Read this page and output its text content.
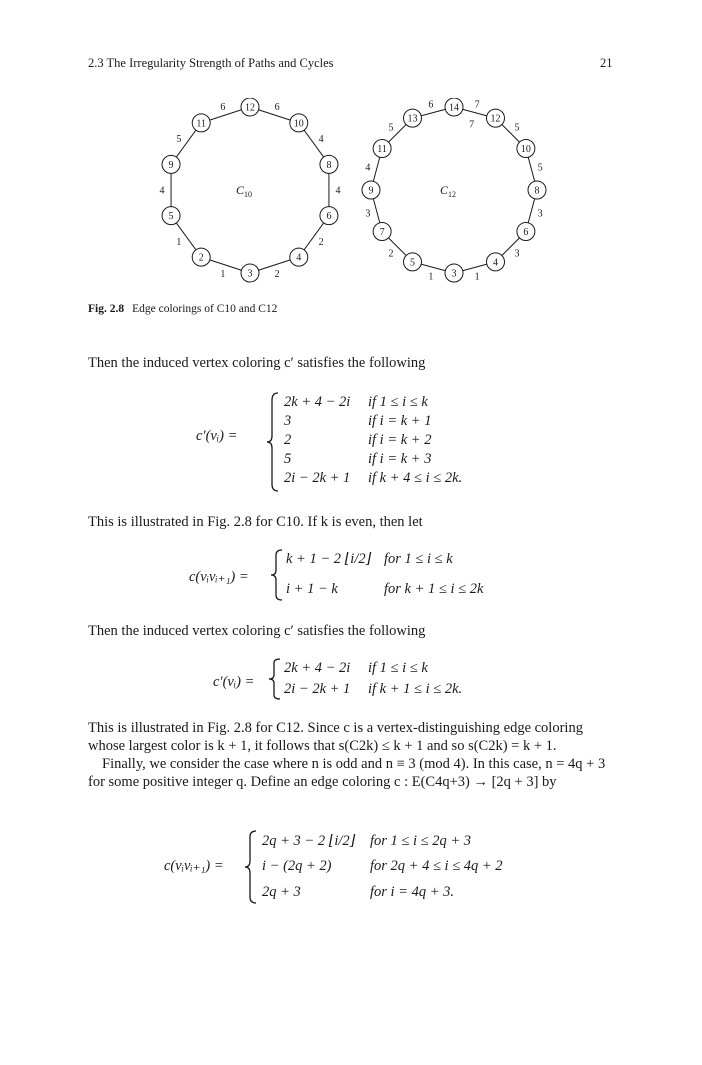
2.3 The Irregularity Strength of Paths and Cycles	21
6
4
4
2
2
1
1
4
5
6 12
10
8
6
4
3
2
5
9
11
$C_{10}$
7
5
5
3
3
1
1
2
3
4
5
6
7
14
12
10
8
6
4
3
5
7
9
11
13
$C_{12}$
Fig. 2.8 Edge colorings of C10 and C12
Then the induced vertex coloring c′ satisfies the following
c′(vᵢ) =
2k + 4 − 2i if 1 ≤ i ≤ k
3	if i = k + 1
2	if i = k + 2
5	if i = k + 3
2i − 2k + 1 if k + 4 ≤ i ≤ 2k.
This is illustrated in Fig. 2.8 for C10. If k is even, then let
c(vᵢvᵢ₊₁) =
k + 1 − 2 ⌊i/2⌋ for 1 ≤ i ≤ k
i + 1 − k	for k + 1 ≤ i ≤ 2k
Then the induced vertex coloring c′ satisfies the following
c′(vᵢ) =
2k + 4 − 2i if 1 ≤ i ≤ k
2i − 2k + 1 if k + 1 ≤ i ≤ 2k.
This is illustrated in Fig. 2.8 for C12. Since c is a vertex-distinguishing edge coloring whose largest color is k + 1, it follows that s(C2k) ≤ k + 1 and so s(C2k) = k + 1.
Finally, we consider the case where n is odd and n ≡ 3 (mod 4). In this case, n = 4q + 3 for some positive integer q. Define an edge coloring c : E(C4q+3) → [2q + 3] by
c(vᵢvᵢ₊₁) =
2q + 3 − 2 ⌊i/2⌋ for 1 ≤ i ≤ 2q + 3
i − (2q + 2)	for 2q + 4 ≤ i ≤ 4q + 2
2q + 3	for i = 4q + 3.
